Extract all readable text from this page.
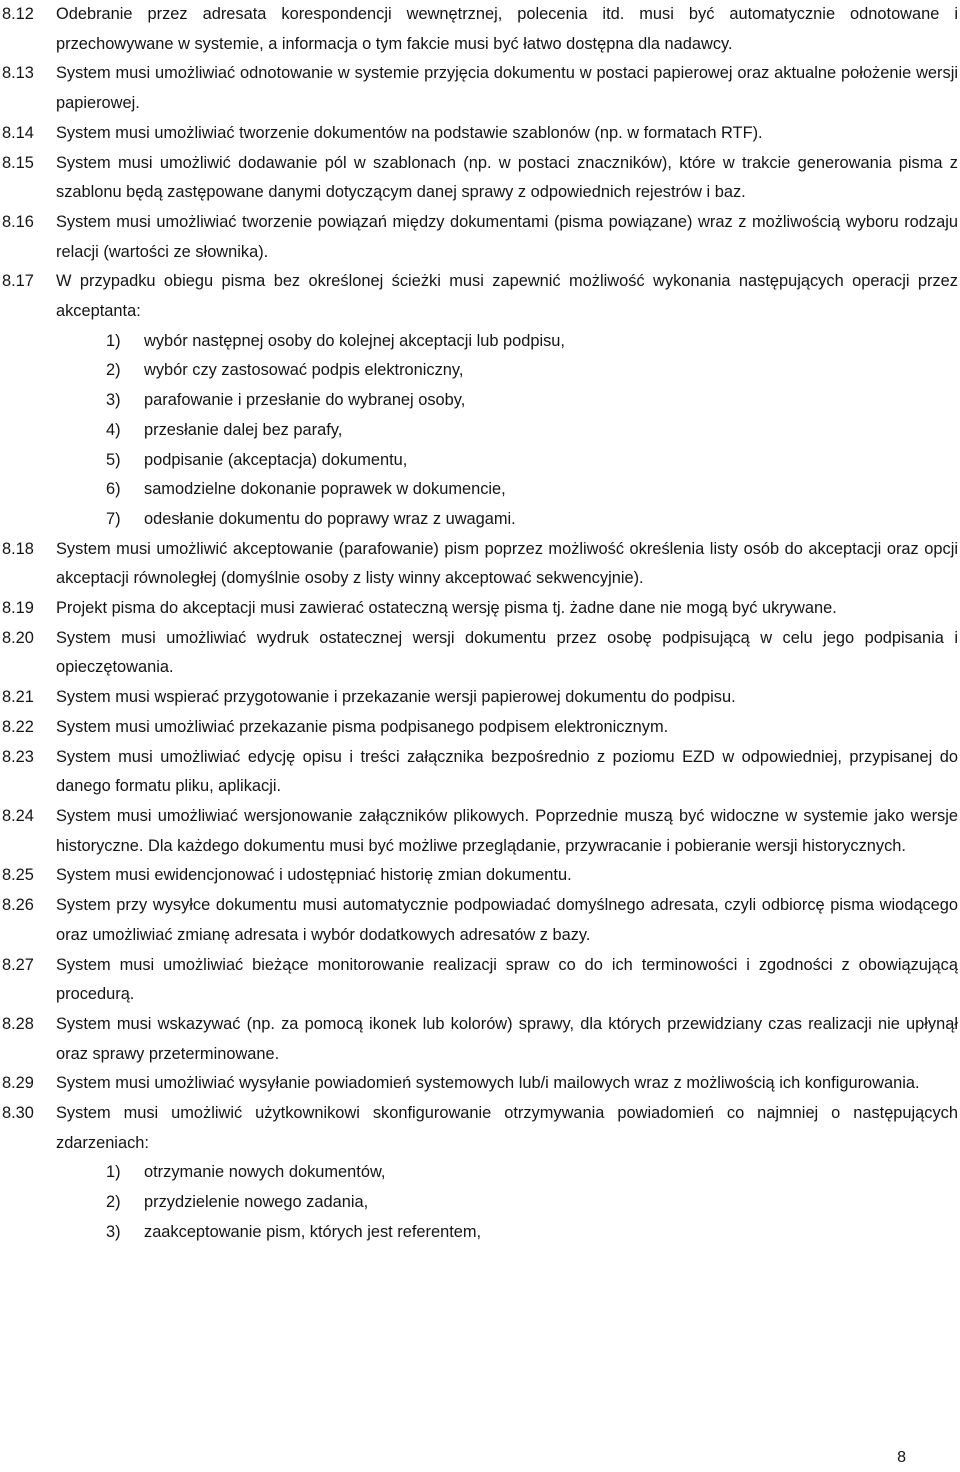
8.12	Odebranie przez adresata korespondencji wewnętrznej, polecenia itd. musi być automatycznie odnotowane i przechowywane w systemie, a informacja o tym fakcie musi być łatwo dostępna dla nadawcy.
8.13	System musi umożliwiać odnotowanie w systemie przyjęcia dokumentu w postaci papierowej oraz aktualne położenie wersji papierowej.
8.14	System musi umożliwiać tworzenie dokumentów na podstawie szablonów (np. w formatach RTF).
8.15	System musi umożliwić dodawanie pól w szablonach (np. w postaci znaczników), które w trakcie generowania pisma z szablonu będą zastępowane danymi dotyczącym danej sprawy z odpowiednich rejestrów i baz.
8.16	System musi umożliwiać tworzenie powiązań między dokumentami (pisma powiązane) wraz z możliwością wyboru rodzaju relacji (wartości ze słownika).
8.17	W przypadku obiegu pisma bez określonej ścieżki musi zapewnić możliwość wykonania następujących operacji przez akceptanta:
1) wybór następnej osoby do kolejnej akceptacji lub podpisu,
2) wybór czy zastosować podpis elektroniczny,
3) parafowanie i przesłanie do wybranej osoby,
4) przesłanie dalej bez parafy,
5) podpisanie (akceptacja) dokumentu,
6) samodzielne dokonanie poprawek w dokumencie,
7) odesłanie dokumentu do poprawy wraz z uwagami.
8.18	System musi umożliwić akceptowanie (parafowanie) pism poprzez możliwość określenia listy osób do akceptacji oraz opcji akceptacji równoległej (domyślnie osoby z listy winny akceptować sekwencyjnie).
8.19	Projekt pisma do akceptacji musi zawierać ostateczną wersję pisma tj. żadne dane nie mogą być ukrywane.
8.20	System musi umożliwiać wydruk ostatecznej wersji dokumentu przez osobę podpisującą w celu jego podpisania i opieczętowania.
8.21	System musi wspierać przygotowanie i przekazanie wersji papierowej dokumentu do podpisu.
8.22	System musi umożliwiać przekazanie pisma podpisanego podpisem elektronicznym.
8.23	System musi umożliwiać edycję opisu i treści załącznika bezpośrednio z poziomu EZD w odpowiedniej, przypisanej do danego formatu pliku, aplikacji.
8.24	System musi umożliwiać wersjonowanie załączników plikowych. Poprzednie muszą być widoczne w systemie jako wersje historyczne. Dla każdego dokumentu musi być możliwe przeglądanie, przywracanie i pobieranie wersji historycznych.
8.25	System musi ewidencjonować i udostępniać historię zmian dokumentu.
8.26	System przy wysyłce dokumentu musi automatycznie podpowiadać domyślnego adresata, czyli odbiorcę pisma wiodącego oraz umożliwiać zmianę adresata i wybór dodatkowych adresatów z bazy.
8.27	System musi umożliwiać bieżące monitorowanie realizacji spraw co do ich terminowości i zgodności z obowiązującą procedurą.
8.28	System musi wskazywać (np. za pomocą ikonek lub kolorów) sprawy, dla których przewidziany czas realizacji nie upłynął oraz sprawy przeterminowane.
8.29	System musi umożliwiać wysyłanie powiadomień systemowych lub/i mailowych wraz z możliwością ich konfigurowania.
8.30	System musi umożliwić użytkownikowi skonfigurowanie otrzymywania powiadomień co najmniej o następujących zdarzeniach:
1) otrzymanie nowych dokumentów,
2) przydzielenie nowego zadania,
3) zaakceptowanie pism, których jest referentem,
8
